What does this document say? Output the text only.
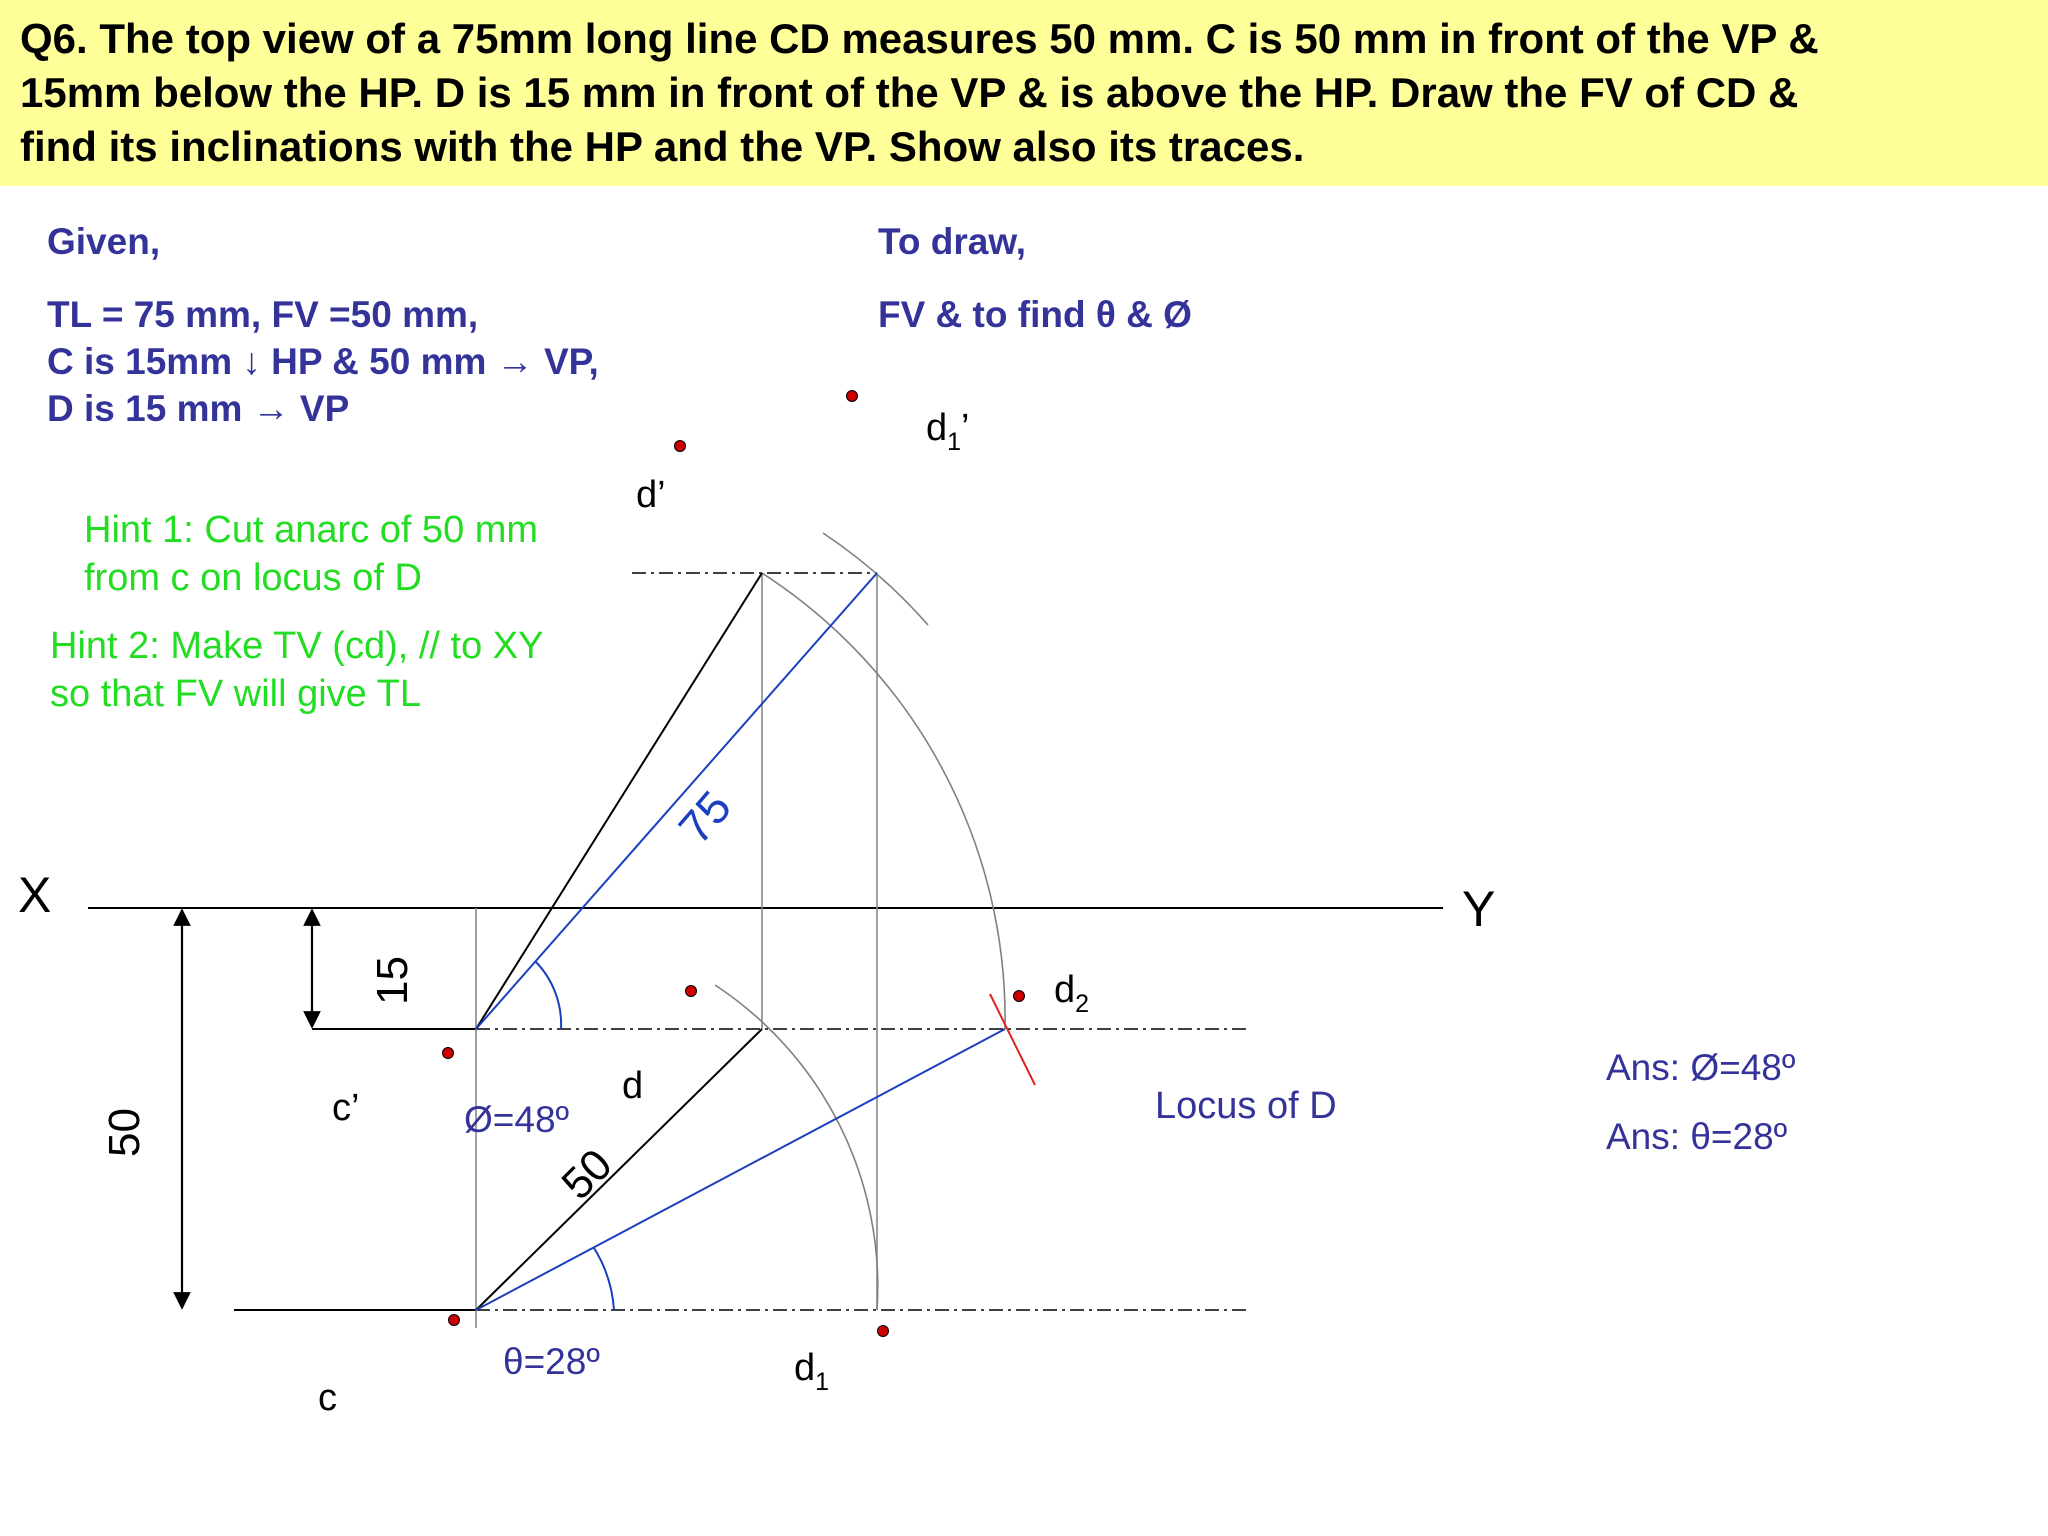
Q6. The top view of a 75mm long line CD measures 50 mm. C is 50 mm in front of the VP &
15mm below the HP. D is 15 mm in front of the VP & is above the HP. Draw the FV of CD &
find its inclinations with the HP and the VP. Show also its traces.
Given,
TL = 75 mm, FV =50 mm,
C is 15mm ↓ HP & 50 mm → VP,
D is 15 mm → VP
To draw,
FV & to find θ & Ø
Hint 1: Cut anarc of 50 mm
from c on locus of D
Hint 2: Make TV (cd), // to XY
so that FV will give TL
X	Y
d’
$d_1$’
c’
d
$d_2$
$d_1$
c
15
50
50
Ø=48º
θ=28º
Locus of D
75
Ans: Ø=48º
Ans: θ=28º
